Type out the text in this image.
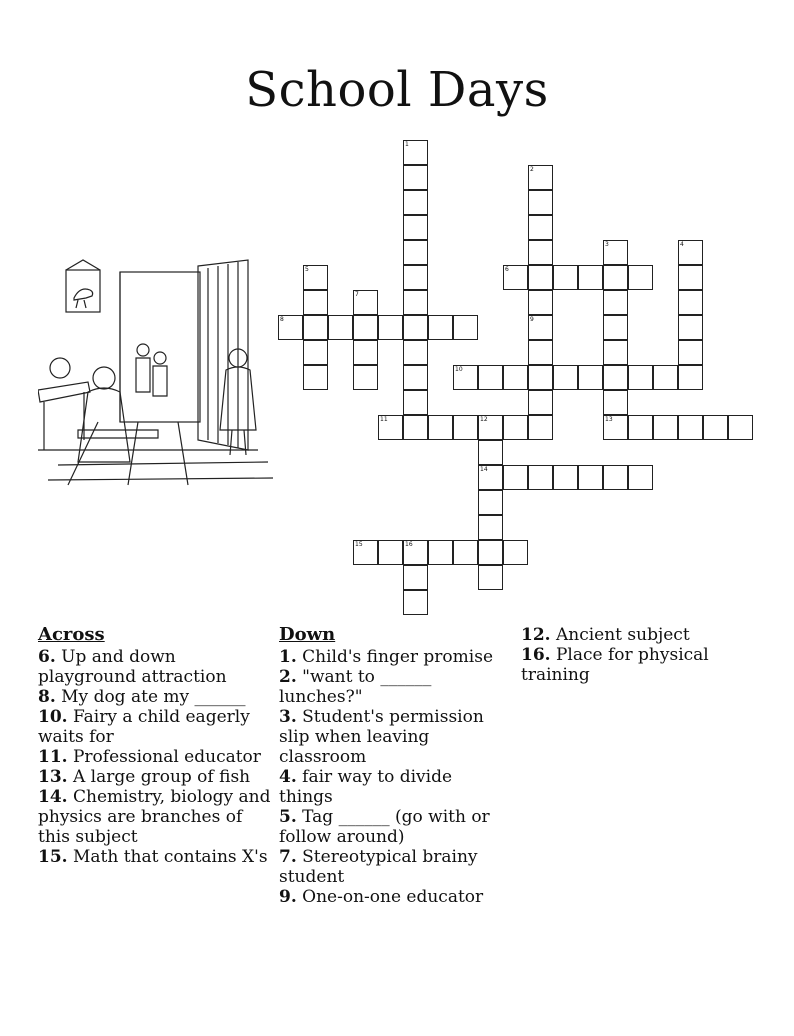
School Days
1
2
9
3
13
4
5	6
7
8
10
11	12
14
15	16
Across
6. Up and down playground attraction
8. My dog ate my ______
10. Fairy a child eagerly waits for
11. Professional educator
13. A large group of fish
14. Chemistry, biology and physics are branches of this subject
15. Math that contains X's
Down
1. Child's finger promise
2. "want to ______ lunches?"
3. Student's permission slip when leaving classroom
4. fair way to divide things
5. Tag ______ (go with or follow around)
7. Stereotypical brainy student
9. One-on-one educator
12. Ancient subject
16. Place for physical training
